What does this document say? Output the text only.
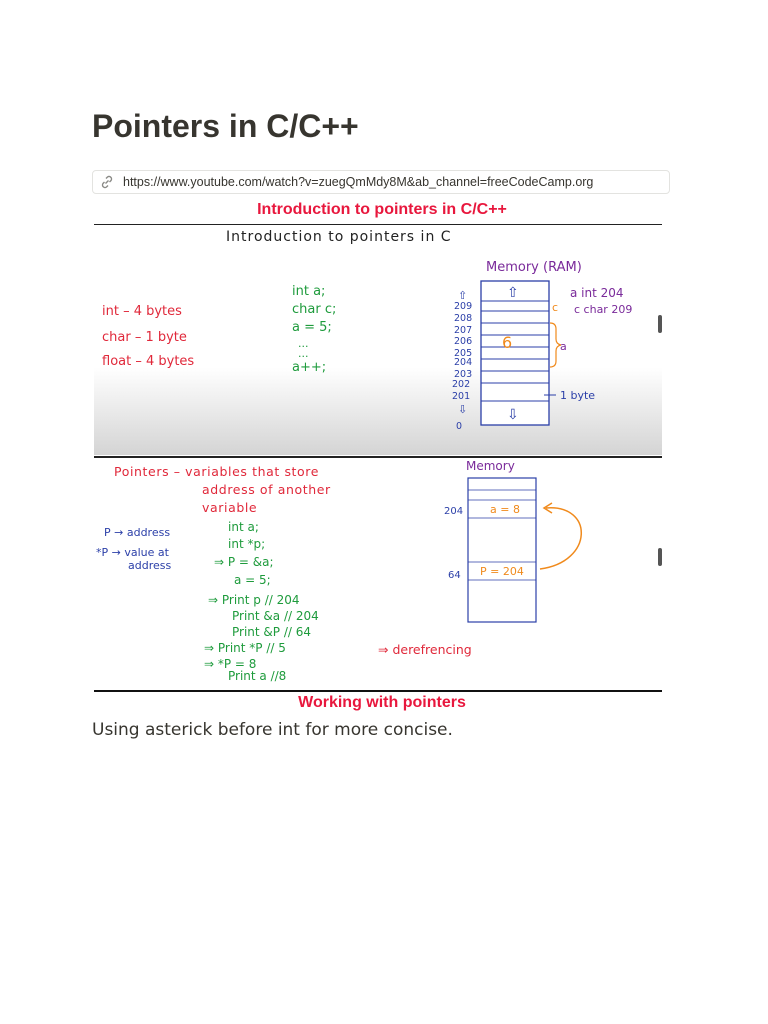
Pointers in C/C++
https://www.youtube.com/watch?v=zuegQmMdy8M&ab_channel=freeCodeCamp.org
Introduction to pointers in C/C++
Introduction to pointers in C
int – 4 bytes
char – 1 byte
float – 4 bytes
int a;
char c;
a = 5;
...
...
a++;
Memory (RAM)
⇧
⇩
⇧
⇩
209
208
207
206
205
204
203
202
201
0
6
a int 204
c c char 209
a
1 byte
Pointers – variables that store
address of another
variable
P → address
*P → value at
address
int a;
int *p;
⇒ P = &a;
a = 5;
⇒ Print p // 204
Print &a // 204
Print &P // 64
⇒ Print *P // 5
⇒ *P = 8
Print a //8
⇒ derefrencing
Memory
204
64
a = 8
P = 204
Working with pointers

Using asterick before int for more concise.
